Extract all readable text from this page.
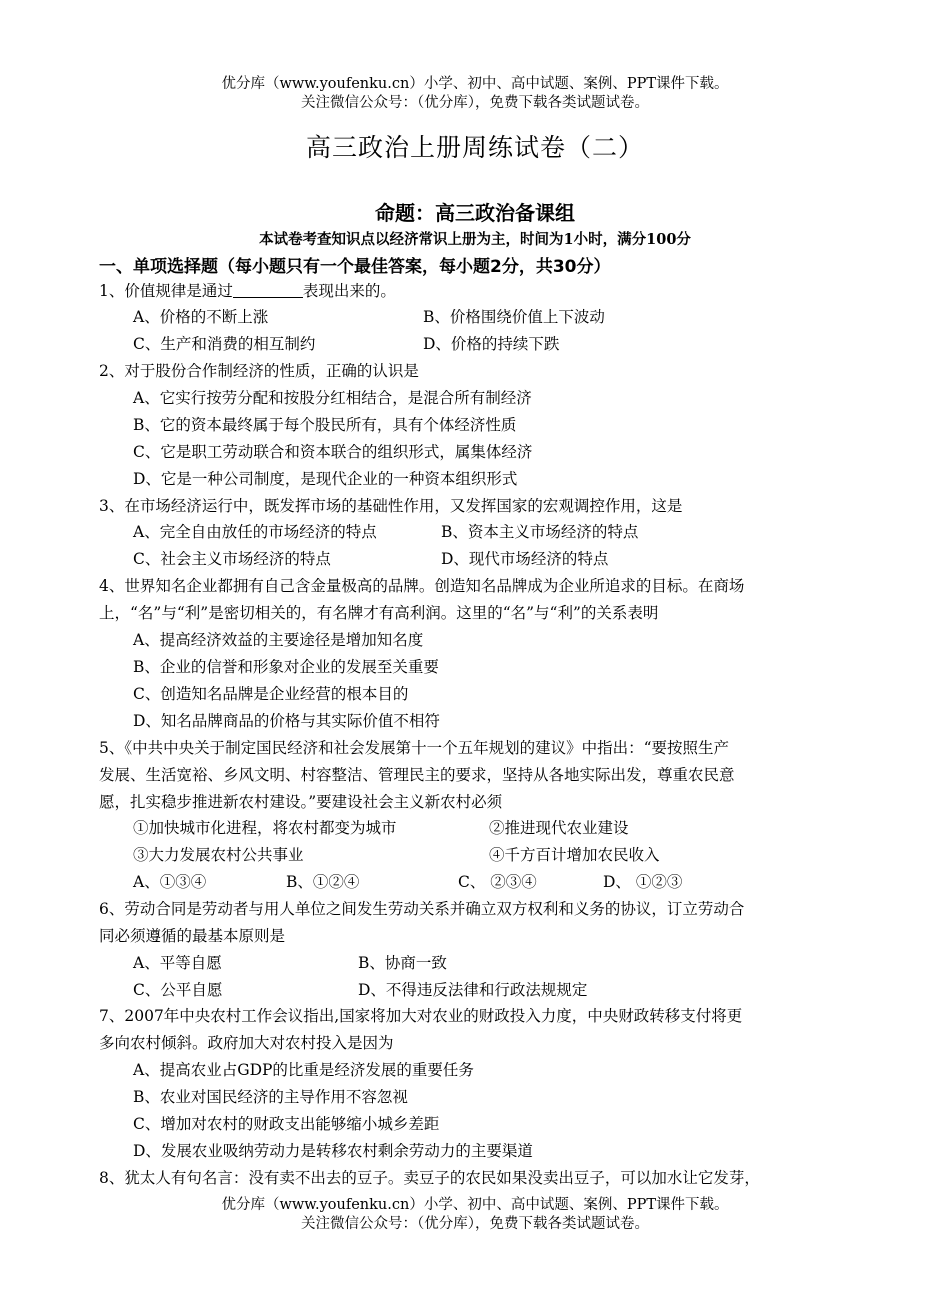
优分库（www.youfenku.cn）小学、初中、高中试题、案例、PPT课件下载。
关注微信公众号：（优分库），免费下载各类试题试卷。
高三政治上册周练试卷（二）
命题：高三政治备课组
本试卷考查知识点以经济常识上册为主，时间为1小时，满分100分
一、单项选择题（每小题只有一个最佳答案，每小题2分，共30分）
1、价值规律是通过	表现出来的。
A、价格的不断上涨	B、价格围绕价值上下波动
C、生产和消费的相互制约	D、价格的持续下跌
2、对于股份合作制经济的性质，正确的认识是
A、它实行按劳分配和按股分红相结合，是混合所有制经济
B、它的资本最终属于每个股民所有，具有个体经济性质
C、它是职工劳动联合和资本联合的组织形式，属集体经济
D、它是一种公司制度，是现代企业的一种资本组织形式
3、在市场经济运行中，既发挥市场的基础性作用，又发挥国家的宏观调控作用，这是
A、完全自由放任的市场经济的特点	B、资本主义市场经济的特点
C、社会主义市场经济的特点	D、现代市场经济的特点
4、世界知名企业都拥有自己含金量极高的品牌。创造知名品牌成为企业所追求的目标。在商场
上，“名”与“利”是密切相关的，有名牌才有高利润。这里的“名”与“利”的关系表明
A、提高经济效益的主要途径是增加知名度
B、企业的信誉和形象对企业的发展至关重要
C、创造知名品牌是企业经营的根本目的
D、知名品牌商品的价格与其实际价值不相符
5、《中共中央关于制定国民经济和社会发展第十一个五年规划的建议》中指出：“要按照生产
发展、生活宽裕、乡风文明、村容整洁、管理民主的要求，坚持从各地实际出发，尊重农民意
愿，扎实稳步推进新农村建设。”要建设社会主义新农村必须
①加快城市化进程，将农村都变为城市	②推进现代农业建设
③大力发展农村公共事业	④千方百计增加农民收入
A、①③④	B、①②④	C、 ②③④	D、 ①②③
6、劳动合同是劳动者与用人单位之间发生劳动关系并确立双方权利和义务的协议，订立劳动合
同必须遵循的最基本原则是
A、平等自愿	B、协商一致
C、公平自愿	D、不得违反法律和行政法规规定
7、2007年中央农村工作会议指出,国家将加大对农业的财政投入力度，中央财政转移支付将更
多向农村倾斜。政府加大对农村投入是因为
A、提高农业占GDP的比重是经济发展的重要任务
B、农业对国民经济的主导作用不容忽视
C、增加对农村的财政支出能够缩小城乡差距
D、发展农业吸纳劳动力是转移农村剩余劳动力的主要渠道
8、犹太人有句名言：没有卖不出去的豆子。卖豆子的农民如果没卖出豆子，可以加水让它发芽，
优分库（www.youfenku.cn）小学、初中、高中试题、案例、PPT课件下载。
关注微信公众号：（优分库），免费下载各类试题试卷。
